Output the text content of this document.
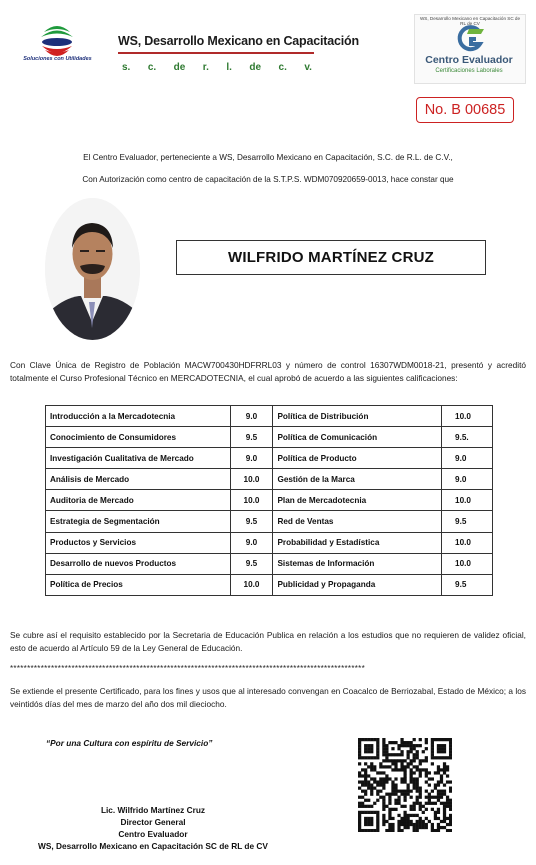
Soluciones con Utilidades
WS, Desarrollo Mexicano en Capacitación
s. c. de r. l. de c. v.
WS, Desarrollo Mexicano en Capacitación SC de RL de CV
Centro Evaluador
Certificaciones Laborales
No. B 00685
El Centro Evaluador, perteneciente a WS, Desarrollo Mexicano en Capacitación, S.C. de R.L. de C.V.,
Con Autorización como centro de capacitación de la S.T.P.S. WDM070920659-0013, hace constar que
WILFRIDO MARTÍNEZ CRUZ
Con Clave Única de Registro de Población MACW700430HDFRRL03 y número de control 16307WDM0018-21, presentó y acreditó totalmente el Curso Profesional Técnico en MERCADOTECNIA, el cual aprobó de acuerdo a las siguientes calificaciones:
Introducción a la Mercadotecnia	9.0	Política de Distribución	10.0
Conocimiento de Consumidores	9.5	Política de Comunicación	9.5.
Investigación Cualitativa de Mercado	9.0	Política de Producto	9.0
Análisis de Mercado	10.0	Gestión de la Marca	9.0
Auditoria de Mercado	10.0	Plan de Mercadotecnia	10.0
Estrategia de Segmentación	9.5	Red de Ventas	9.5
Productos y Servicios	9.0	Probabilidad y Estadística	10.0
Desarrollo de nuevos Productos	9.5	Sistemas de Información	10.0
Política de Precios	10.0	Publicidad y Propaganda	9.5
Se cubre así el requisito establecido por la Secretaria de Educación Publica en relación a los estudios que no requieren de validez oficial, esto de acuerdo al Artículo 59 de la Ley General de Educación.
********************************************************************************************************
Se extiende el presente Certificado, para los fines y usos que al interesado convengan en Coacalco de Berriozabal, Estado de México; a los veintidós días del mes de marzo del año dos mil dieciocho.
“Por una Cultura con espíritu de Servicio”
Lic. Wilfrido Martínez Cruz
Director General
Centro Evaluador
WS, Desarrollo Mexicano en Capacitación SC de RL de CV
